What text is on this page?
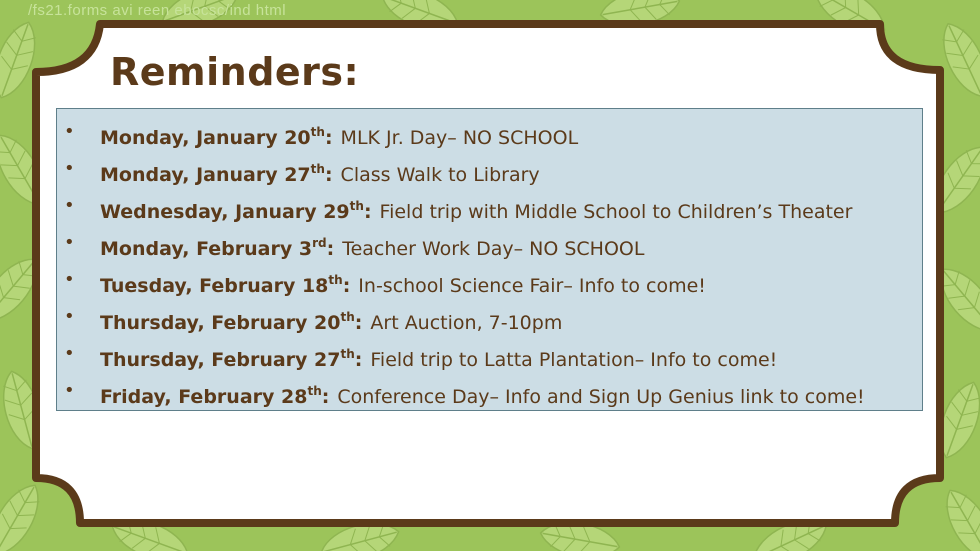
/fs21.forms avi reen ebocsc/ind html
Reminders:
• Monday, January 20th: MLK Jr. Day– NO SCHOOL
• Monday, January 27th: Class Walk to Library
• Wednesday, January 29th: Field trip with Middle School to Children’s Theater
• Monday, February 3rd: Teacher Work Day– NO SCHOOL
• Tuesday, February 18th: In-school Science Fair– Info to come!
• Thursday, February 20th: Art Auction, 7-10pm
• Thursday, February 27th: Field trip to Latta Plantation– Info to come!
• Friday, February 28th: Conference Day– Info and Sign Up Genius link to come!
